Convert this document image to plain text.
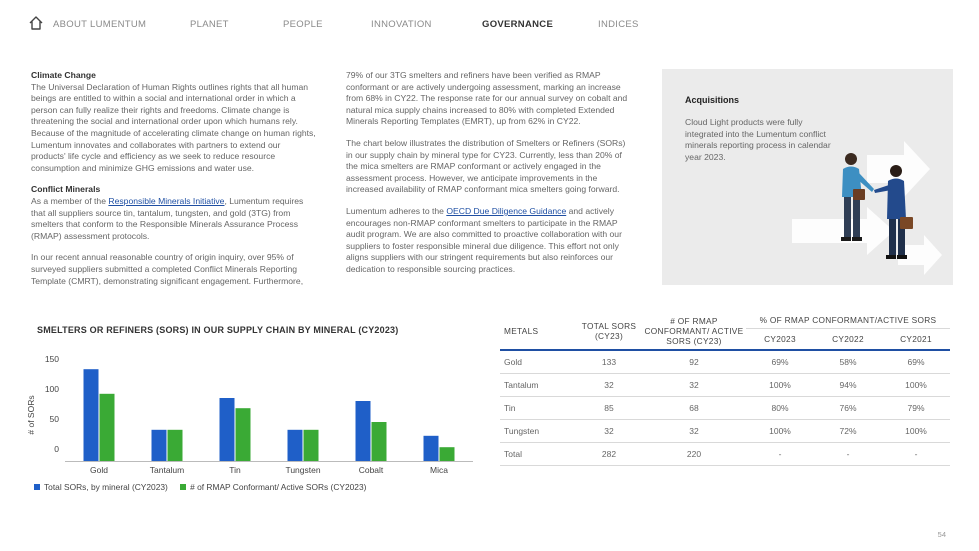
ABOUT LUMENTUM	PLANET	PEOPLE	INNOVATION	GOVERNANCE	INDICES

Climate Change

The Universal Declaration of Human Rights outlines rights that all human beings are entitled to within a social and international order in which a person can fully realize their rights and freedoms. Climate change is threatening the social and international order upon which humans rely. Because of the magnitude of accelerating climate change on human rights, Lumentum innovates and collaborates with partners to extend our products' life cycle and efficiency as we seek to reduce resource consumption and minimize GHG emissions and water use.

Conflict Minerals

As a member of the Responsible Minerals Initiative, Lumentum requires that all suppliers source tin, tantalum, tungsten, and gold (3TG) from smelters that conform to the Responsible Minerals Assurance Process (RMAP) assessment protocols.

In our recent annual reasonable country of origin inquiry, over 95% of surveyed suppliers submitted a completed Conflict Minerals Reporting Template (CMRT), demonstrating significant engagement. Furthermore,

79% of our 3TG smelters and refiners have been verified as RMAP conformant or are actively undergoing assessment, marking an increase from 68% in CY22. The response rate for our annual survey on cobalt and natural mica supply chains increased to 80% with completed Extended Minerals Reporting Templates (EMRT), up from 62% in CY22.

The chart below illustrates the distribution of Smelters or Refiners (SORs) in our supply chain by mineral type for CY23. Currently, less than 20% of the mica smelters are RMAP conformant or actively engaged in the assessment process. However, we anticipate improvements in the increased availability of RMAP conformant mica smelters going forward.

Lumentum adheres to the OECD Due Diligence Guidance and actively encourages non-RMAP conformant smelters to participate in the RMAP audit program. We are also committed to proactive collaboration with our suppliers to foster responsible mineral due diligence. This effort not only aligns suppliers with our stringent requirements but also reinforces our dedication to responsible sourcing practices.

Acquisitions
Cloud Light products were fully integrated into the Lumentum conflict minerals reporting process in calendar year 2023.
SMELTERS OR REFINERS (SORS) IN OUR SUPPLY CHAIN BY MINERAL (CY2023)
# of SORs
0
50
100
150
Gold	Tantalum	Tin	Tungsten	Cobalt	Mica
Total SORs, by mineral (CY2023)	# of RMAP Conformant/ Active SORs (CY2023)
METALS	TOTAL SORS (CY23)	# OF RMAP CONFORMANT/ ACTIVE SORS (CY23)	% OF RMAP CONFORMANT/ACTIVE SORS		
			CY2023	CY2022	CY2021
Gold	133	92	69%	58%	69%
Tantalum	32	32	100%	94%	100%
Tin	85	68	80%	76%	79%
Tungsten	32	32	100%	72%	100%
Total	282	220	-	-	-
54
